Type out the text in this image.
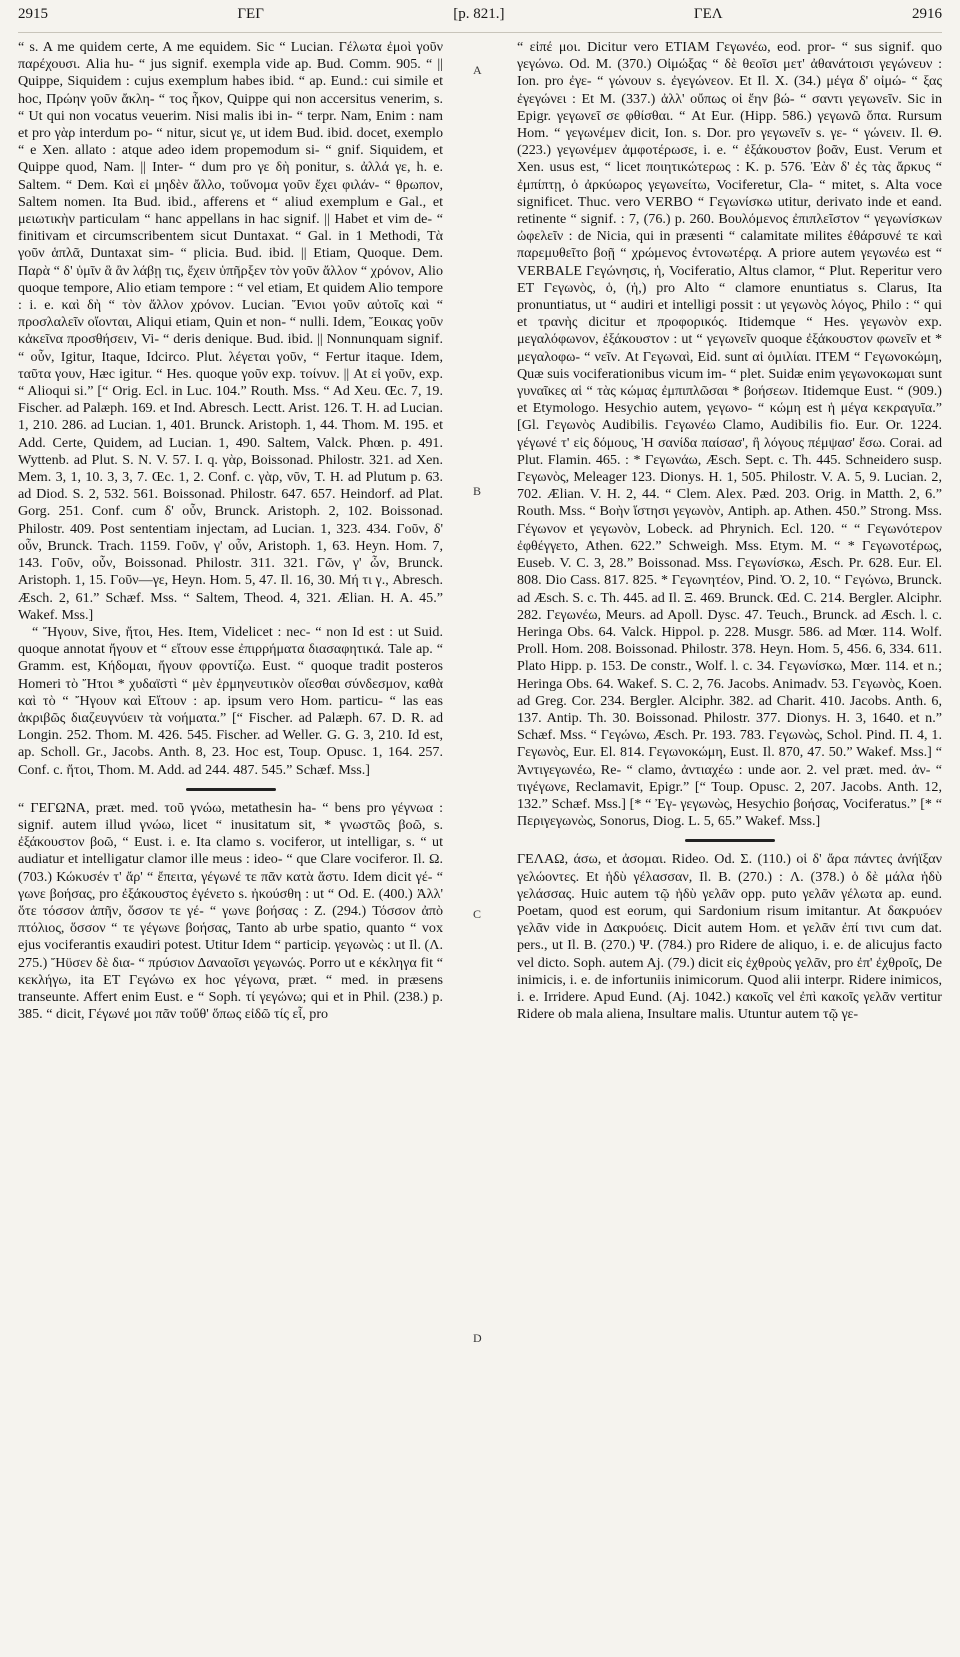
2915	ΓΕΓ	[p. 821.]	ΓΕΛ	2916

“ s. A me quidem certe, A me equidem. Sic “ Lucian. Γέλωτα ἐμοὶ γοῦν παρέχουσι. Alia hu- “ jus signif. exempla vide ap. Bud. Comm. 905. “ || Quippe, Siquidem : cujus exemplum habes ibid. “ ap. Eund.: cui simile et hoc, Πρώην γοῦν ἄκλη- “ τος ἧκον, Quippe qui non accersitus venerim, s. “ Ut qui non vocatus veuerim. Nisi malis ibi in- “ terpr. Nam, Enim : nam et pro γὰρ interdum po- “ nitur, sicut γε, ut idem Bud. ibid. docet, exemplo “ e Xen. allato : atque adeo idem propemodum si- “ gnif. Siquidem, et Quippe quod, Nam. || Inter- “ dum pro γε δὴ ponitur, s. ἀλλά γε, h. e. Saltem. “ Dem. Καὶ εἰ μηδὲν ἄλλο, τοὔνομα γοῦν ἔχει φιλάν- “ θρωπον, Saltem nomen. Ita Bud. ibid., afferens et “ aliud exemplum e Gal., et μειωτικὴν particulam “ hanc appellans in hac signif. || Habet et vim de- “ finitivam et circumscribentem sicut Duntaxat. “ Gal. in 1 Methodi, Τὰ γοῦν ἁπλᾶ, Duntaxat sim- “ plicia. Bud. ibid. || Etiam, Quoque. Dem. Παρὰ “ δ' ὑμῖν ἃ ἂν λάβῃ τις, ἔχειν ὑπῆρξεν τὸν γοῦν ἄλλον “ χρόνον, Alio quoque tempore, Alio etiam tempore : “ vel etiam, Et quidem Alio tempore : i. e. καὶ δὴ “ τὸν ἄλλον χρόνον. Lucian. Ἔνιοι γοῦν αὐτοῖς καὶ “ προσλαλεῖν οἴονται, Aliqui etiam, Quin et non- “ nulli. Idem, Ἔοικας γοῦν κἀκεῖνα προσθήσειν, Vi- “ deris denique. Bud. ibid. || Nonnunquam signif. “ οὖν, Igitur, Itaque, Idcirco. Plut. λέγεται γοῦν, “ Fertur itaque. Idem, ταῦτα γουν, Hæc igitur. “ Hes. quoque γοῦν exp. τοίνυν. || At εἰ γοῦν, exp. “ Alioqui si.” [“ Orig. Ecl. in Luc. 104.” Routh. Mss. “ Ad Xeu. Œc. 7, 19. Fischer. ad Palæph. 169. et Ind. Abresch. Lectt. Arist. 126. T. H. ad Lucian. 1, 210. 286. ad Lucian. 1, 401. Brunck. Aristoph. 1, 44. Thom. M. 195. et Add. Certe, Quidem, ad Lucian. 1, 490. Saltem, Valck. Phœn. p. 491. Wyttenb. ad Plut. S. N. V. 57. I. q. γὰρ, Boissonad. Philostr. 321. ad Xen. Mem. 3, 1, 10. 3, 3, 7. Œc. 1, 2. Conf. c. γὰρ, νῦν, T. H. ad Plutum p. 63. ad Diod. S. 2, 532. 561. Boissonad. Philostr. 647. 657. Heindorf. ad Plat. Gorg. 251. Conf. cum δ' οὖν, Brunck. Aristoph. 2, 102. Boissonad. Philostr. 409. Post sententiam injectam, ad Lucian. 1, 323. 434. Γοῦν, δ' οὖν, Brunck. Trach. 1159. Γοῦν, γ' οὖν, Aristoph. 1, 63. Heyn. Hom. 7, 143. Γοῦν, οὖν, Boissonad. Philostr. 311. 321. Γῶν, γ' ὦν, Brunck. Aristoph. 1, 15. Γοῦν—γε, Heyn. Hom. 5, 47. Il. 16, 30. Μή τι γ., Abresch. Æsch. 2, 61.” Schæf. Mss. “ Saltem, Theod. 4, 321. Ælian. H. A. 45.” Wakef. Mss.]

“ Ἤγουν, Sive, ἤτοι, Hes. Item, Videlicet : nec- “ non Id est : ut Suid. quoque annotat ἤγουν et “ εἴτουν esse ἐπιρρήματα διασαφητικά. Tale ap. “ Gramm. est, Κήδομαι, ἤγουν φροντίζω. Eust. “ quoque tradit posteros Homeri τὸ Ἤτοι * χυδαϊστὶ “ μὲν ἑρμηνευτικὸν οἴεσθαι σύνδεσμον, καθὰ καὶ τὸ “ Ἤγουν καὶ Εἴτουν : ap. ipsum vero Hom. particu- “ las eas ἀκριβῶς διαζευγνύειν τὰ νοήματα.” [“ Fischer. ad Palæph. 67. D. R. ad Longin. 252. Thom. M. 426. 545. Fischer. ad Weller. G. G. 3, 210. Id est, ap. Scholl. Gr., Jacobs. Anth. 8, 23. Hoc est, Toup. Opusc. 1, 164. 257. Conf. c. ἤτοι, Thom. M. Add. ad 244. 487. 545.” Schæf. Mss.]

“ ΓΕΓΩΝΑ, præt. med. τοῦ γνώω, metathesin ha- “ bens pro γέγνωα : signif. autem illud γνώω, licet “ inusitatum sit, * γνωστῶς βοῶ, s. ἐξάκουστον βοῶ, “ Eust. i. e. Ita clamo s. vociferor, ut intelligar, s. “ ut audiatur et intelligatur clamor ille meus : ideo- “ que Clare vociferor. Il. Ω. (703.) Κώκυσέν τ' ἄρ' “ ἔπειτα, γέγωνέ τε πᾶν κατὰ ἄστυ. Idem dicit γέ- “ γωνε βοήσας, pro ἐξάκουστος ἐγένετο s. ἠκούσθη : ut “ Od. E. (400.) Ἀλλ' ὅτε τόσσον ἀπῆν, ὅσσον τε γέ- “ γωνε βοήσας : Z. (294.) Τόσσον ἀπὸ πτόλιος, ὅσσον “ τε γέγωνε βοήσας, Tanto ab urbe spatio, quanto “ vox ejus vociferantis exaudiri potest. Utitur Idem “ particip. γεγωνὼς : ut Il. (Λ. 275.) Ἤϋσεν δὲ δια- “ πρύσιον Δαναοῖσι γεγωνώς. Porro ut e κέκληγα fit “ κεκλήγω, ita ET Γεγώνω ex hoc γέγωνα, præt. “ med. in præsens transeunte. Affert enim Eust. e “ Soph. τί γεγώνω; qui et in Phil. (238.) p. 385. “ dicit, Γέγωνέ μοι πᾶν τοὔθ' ὅπως εἰδῶ τίς εἶ, pro

A
B
C
D

“ εἰπέ μοι. Dicitur vero ETIAM Γεγωνέω, eod. pror- “ sus signif. quo γεγώνω. Od. M. (370.) Οἰμώξας “ δὲ θεοῖσι μετ' ἀθανάτοισι γεγώνευν : Ion. pro ἐγε- “ γώνουν s. ἐγεγώνεον. Et Il. X. (34.) μέγα δ' οἰμώ- “ ξας ἐγεγώνει : Et M. (337.) ἀλλ' οὔπως οἱ ἔην βώ- “ σαντι γεγωνεῖν. Sic in Epigr. γεγωνεῖ σε φθίσθαι. “ At Eur. (Hipp. 586.) γεγωνῶ ὄπα. Rursum Hom. “ γεγωνέμεν dicit, Ion. s. Dor. pro γεγωνεῖν s. γε- “ γώνειν. Il. Θ. (223.) γεγωνέμεν ἀμφοτέρωσε, i. e. “ ἐξάκουστον βοᾶν, Eust. Verum et Xen. usus est, “ licet ποιητικώτερως : K. p. 576. Ἐὰν δ' ἐς τὰς ἄρκυς “ ἐμπίπτῃ, ὁ ἀρκύωρος γεγωνείτω, Vociferetur, Cla- “ mitet, s. Alta voce significet. Thuc. vero VERBO “ Γεγωνίσκω utitur, derivato inde et eand. retinente “ signif. : 7, (76.) p. 260. Βουλόμενος ἐπιπλεῖστον “ γεγωνίσκων ὠφελεῖν : de Nicia, qui in præsenti “ calamitate milites ἐθάρσυνέ τε καὶ παρεμυθεῖτο βοῇ “ χρώμενος ἐντονωτέρᾳ. A priore autem γεγωνέω est “ VERBALE Γεγώνησις, ἡ, Vociferatio, Altus clamor, “ Plut. Reperitur vero ET Γεγωνὸς, ὁ, (ἡ,) pro Alto “ clamore enuntiatus s. Clarus, Ita pronuntiatus, ut “ audiri et intelligi possit : ut γεγωνὸς λόγος, Philo : “ qui et τρανὴς dicitur et προφορικός. Itidemque “ Hes. γεγωνὸν exp. μεγαλόφωνον, ἐξάκουστον : ut “ γεγωνεῖν quoque ἐξάκουστον φωνεῖν et * μεγαλοφω- “ νεῖν. At Γεγωναὶ, Eid. sunt αἱ ὁμιλίαι. ITEM “ Γεγωνοκώμη, Quæ suis vociferationibus vicum im- “ plet. Suidæ enim γεγωνοκωμαι sunt γυναῖκες αἱ “ τὰς κώμας ἐμπιπλῶσαι * βοήσεων. Itidemque Eust. “ (909.) et Etymologo. Hesychio autem, γεγωνο- “ κώμη est ἡ μέγα κεκραγυῖα.” [Gl. Γεγωνὸς Audibilis. Γεγωνέω Clamo, Audibilis fio. Eur. Or. 1224. γέγωνέ τ' εἰς δόμους, Ἡ σανίδα παίσασ', ἢ λόγους πέμψασ' ἔσω. Corai. ad Plut. Flamin. 465. : * Γεγωνάω, Æsch. Sept. c. Th. 445. Schneidero susp. Γεγωνὸς, Meleager 123. Dionys. H. 1, 505. Philostr. V. A. 5, 9. Lucian. 2, 702. Ælian. V. H. 2, 44. “ Clem. Alex. Pæd. 203. Orig. in Matth. 2, 6.” Routh. Mss. “ Βοὴν ἵστησι γεγωνὸν, Antiph. ap. Athen. 450.” Strong. Mss. Γέγωνον et γεγωνὸν, Lobeck. ad Phrynich. Ecl. 120. “ “ Γεγωνότερον ἐφθέγγετο, Athen. 622.” Schweigh. Mss. Etym. M. “ * Γεγωνοτέρως, Euseb. V. C. 3, 28.” Boissonad. Mss. Γεγωνίσκω, Æsch. Pr. 628. Eur. El. 808. Dio Cass. 817. 825. * Γεγωνητέον, Pind. Ὀ. 2, 10. “ Γεγώνω, Brunck. ad Æsch. S. c. Th. 445. ad Il. Ξ. 469. Brunck. Œd. C. 214. Bergler. Alciphr. 282. Γεγωνέω, Meurs. ad Apoll. Dysc. 47. Teuch., Brunck. ad Æsch. l. c. Heringa Obs. 64. Valck. Hippol. p. 228. Musgr. 586. ad Mœr. 114. Wolf. Proll. Hom. 208. Boissonad. Philostr. 378. Heyn. Hom. 5, 456. 6, 334. 611. Plato Hipp. p. 153. De constr., Wolf. l. c. 34. Γεγωνίσκω, Mœr. 114. et n.; Heringa Obs. 64. Wakef. S. C. 2, 76. Jacobs. Animadv. 53. Γεγωνὸς, Koen. ad Greg. Cor. 234. Bergler. Alciphr. 382. ad Charit. 410. Jacobs. Anth. 6, 137. Antip. Th. 30. Boissonad. Philostr. 377. Dionys. H. 3, 1640. et n.” Schæf. Mss. “ Γεγώνω, Æsch. Pr. 193. 783. Γεγωνὼς, Schol. Pind. Π. 4, 1. Γεγωνὸς, Eur. El. 814. Γεγωνοκώμη, Eust. Il. 870, 47. 50.” Wakef. Mss.] “ Ἀντιγεγωνέω, Re- “ clamo, ἀντιαχέω : unde aor. 2. vel præt. med. ἀν- “ τιγέγωνε, Reclamavit, Epigr.” [“ Toup. Opusc. 2, 207. Jacobs. Anth. 12, 132.” Schæf. Mss.] [* “ Ἐγ- γεγωνὼς, Hesychio βοήσας, Vociferatus.” [* “ Περιγεγωνὼς, Sonorus, Diog. L. 5, 65.” Wakef. Mss.]

ΓΕΛΑΩ, άσω, et ἀσομαι. Rideo. Od. Σ. (110.) οἱ δ' ἄρα πάντες ἀνήϊξαν γελώοντες. Et ἡδὺ γέλασσαν, Il. B. (270.) : Λ. (378.) ὁ δὲ μάλα ἡδὺ γελάσσας. Huic autem τῷ ἡδὺ γελᾶν opp. puto γελᾶν γέλωτα ap. eund. Poetam, quod est eorum, qui Sardonium risum imitantur. At δακρυόεν γελᾶν vide in Δακρυόεις. Dicit autem Hom. et γελᾶν ἐπί τινι cum dat. pers., ut Il. B. (270.) Ψ. (784.) pro Ridere de aliquo, i. e. de alicujus facto vel dicto. Soph. autem Aj. (79.) dicit εἰς ἐχθροὺς γελᾶν, pro ἐπ' ἐχθροῖς, De inimicis, i. e. de infortuniis inimicorum. Quod alii interpr. Ridere inimicos, i. e. Irridere. Apud Eund. (Aj. 1042.) κακοῖς vel ἐπὶ κακοῖς γελᾶν vertitur Ridere ob mala aliena, Insultare malis. Utuntur autem τῷ γε-
